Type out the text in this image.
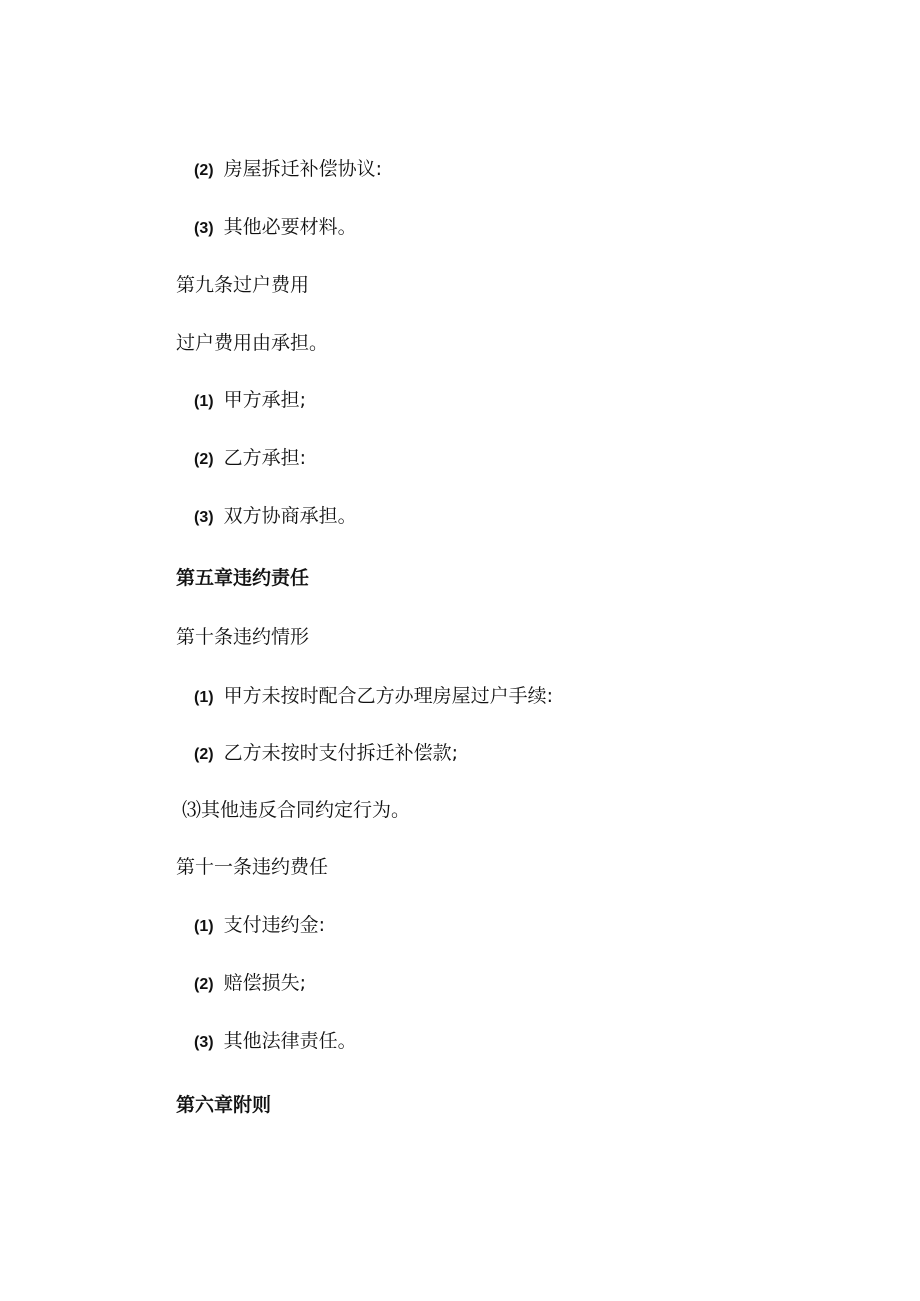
(2) 房屋拆迁补偿协议:
(3) 其他必要材料。
第九条过户费用
过户费用由承担。
(1) 甲方承担;
(2) 乙方承担:
(3) 双方协商承担。
第五章违约责任
第十条违约情形
(1) 甲方未按时配合乙方办理房屋过户手续:
(2) 乙方未按时支付拆迁补偿款;
⑶其他违反合同约定行为。
第十一条违约费任
(1) 支付违约金:
(2) 赔偿损失;
(3) 其他法律责任。
第六章附则
